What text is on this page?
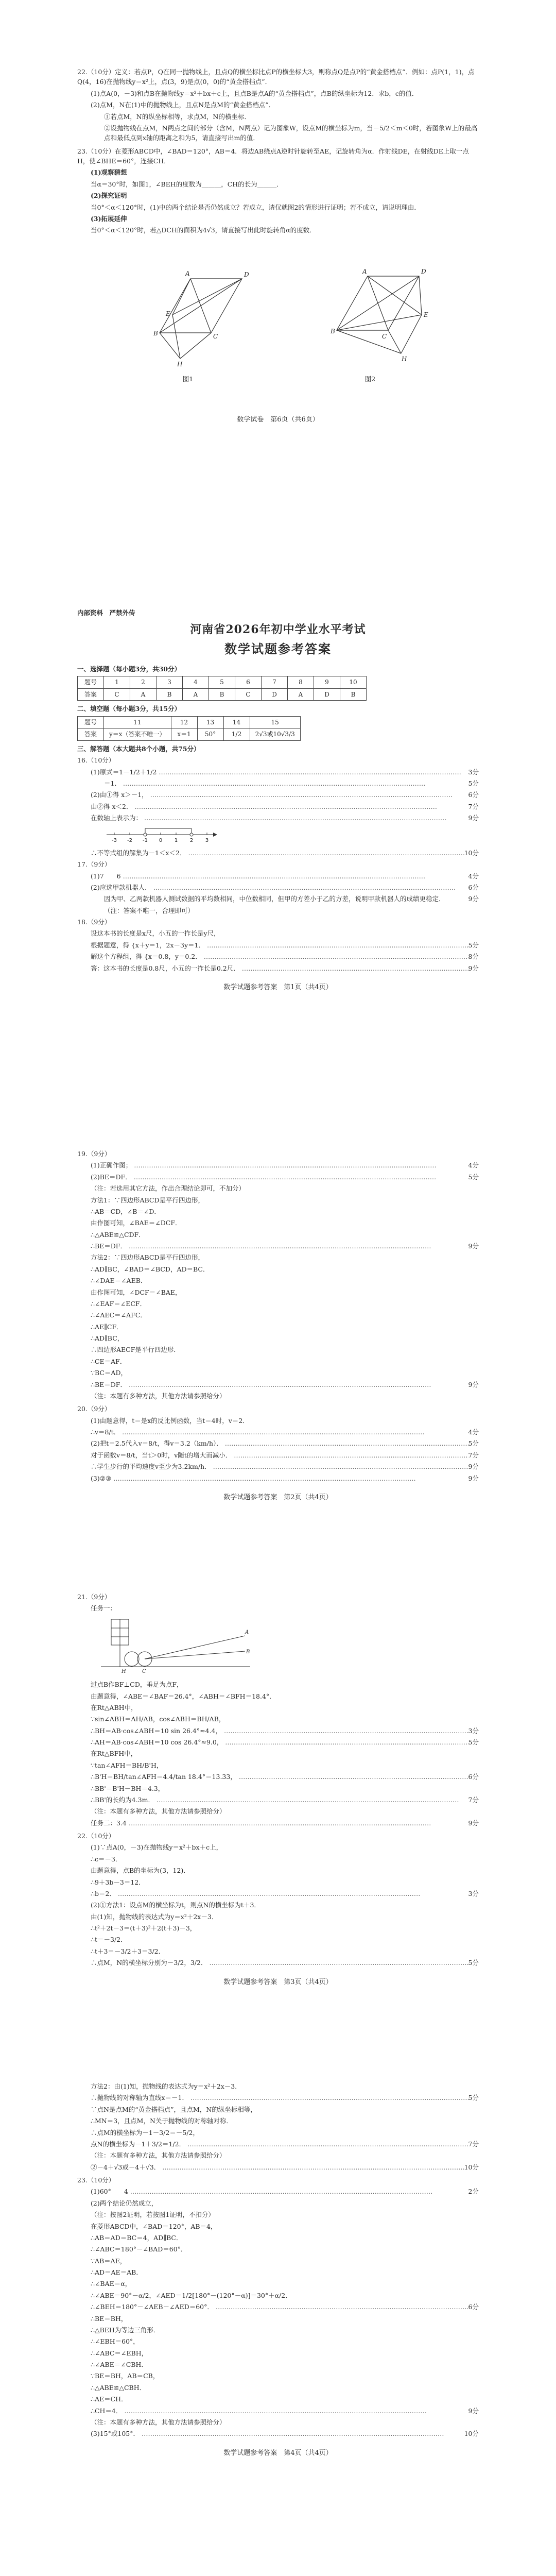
22.（10分）定义：若点P，Q在同一抛物线上，且点Q的横坐标比点P的横坐标大3，则称点Q是点P的“黄金搭档点”．例如：点P(1，1)，点Q(4，16)在抛物线y＝x²上，点(3，9)是点(0，0)的“黄金搭档点”．

(1)点A(0，－3)和点B在抛物线y＝x²＋bx＋c上，且点B是点A的“黄金搭档点”，点B的纵坐标为12．求b，c的值．

(2)点M，N在(1)中的抛物线上，且点N是点M的“黄金搭档点”．

①若点M，N的纵坐标相等，求点M，N的横坐标．

②设抛物线在点M，N两点之间的部分（含M，N两点）记为图象W，设点M的横坐标为m，当－5/2＜m＜0时，若图象W上的最高点和最低点到x轴的距离之和为5，请直接写出m的值．

23.（10分）在菱形ABCD中，∠BAD＝120°，AB＝4．将边AB绕点A逆时针旋转至AE，记旋转角为α．作射线DE，在射线DE上取一点H，使∠BHE＝60°，连接CH．

(1)观察猜想

当α＝30°时，如图1，∠BEH的度数为______，CH的长为______．

(2)探究证明

当0°＜α＜120°时，(1)中的两个结论是否仍然成立？若成立，请仅就图2的情形进行证明；若不成立，请说明理由．

(3)拓展延伸

当0°＜α＜120°时，若△DCH的面积为4√3，请直接写出此时旋转角α的度数．

A	D
B	C
E
H
图1

A	D
B
C
E
H
图2
数学试卷　第6页（共6页）

内部资料　严禁外传

河南省2026年初中学业水平考试
数学试题参考答案

一、选择题（每小题3分，共30分）

题号	1	2	3	4	5	6	7	8	9	10
答案	C	A	B	A	B	C	D	A	D	B

二、填空题（每小题3分，共15分）

题号	11	12	13	14	15
答案	y＝x（答案不唯一）	x＝1	50°	1/2	2√3或10√3/3

三、解答题（本大题共8个小题，共75分）

16.（10分）

3分
(1)原式＝1－1/2＋1/2 ……………………………………………………………………………………………………………………………
5分
＝1． ……………………………………………………………………………………………………………………………
6分
(2)由①得 x＞－1， ……………………………………………………………………………………………………………………………
7分
由②得 x＜2． ……………………………………………………………………………………………………………………………
9分
在数轴上表示为： ……………………………………………………………………………………………………………………………
-3 -2 -1 0 1 2 3
10分
∴不等式组的解集为－1＜x＜2． ……………………………………………………………………………………………………………………………

17.（9分）

4分
(1)7　　6 ……………………………………………………………………………………………………………………………
6分
(2)应选甲款机器人． ……………………………………………………………………………………………………………………………
9分
因为甲、乙两款机器人测试数据的平均数相同，中位数相同，但甲的方差小于乙的方差，说明甲款机器人的成绩更稳定．

（注：答案不唯一，合理即可）

18.（9分）

设这本书的长度是x尺，小五的一拃长是y尺，

5分
根据题意，得 {x＋y＝1，2x－3y＝1． ……………………………………………………………………………………………………………………………
8分
解这个方程组，得 {x＝0.8，y＝0.2． ……………………………………………………………………………………………………………………………
9分
答：这本书的长度是0.8尺，小五的一拃长是0.2尺． ……………………………………………………………………………………………………………………………
数学试题参考答案　第1页（共4页）

19.（9分）

4分
(1)正确作图； ……………………………………………………………………………………………………………………………
5分
(2)BE＝DF． ……………………………………………………………………………………………………………………………
（注：若选用其它方法，作出合理结论即可，不加分）
方法1：∵四边形ABCD是平行四边形，
∴AB＝CD，∠B＝∠D．
由作图可知，∠BAE＝∠DCF．
∴△ABE≌△CDF．
9分
∴BE＝DF． ……………………………………………………………………………………………………………………………
方法2：∵四边形ABCD是平行四边形，
∴AD∥BC，∠BAD＝∠BCD，AD＝BC．
∴∠DAE＝∠AEB．
由作图可知，∠DCF＝∠BAE，
∴∠EAF＝∠ECF．
∴∠AEC＝∠AFC．
∴AE∥CF．
∴AD∥BC，
∴四边形AECF是平行四边形．
∴CE＝AF．
∵BC＝AD，
9分
∴BE＝DF． ……………………………………………………………………………………………………………………………
（注：本题有多种方法，其他方法请参照给分）

20.（9分）

(1)由题意得，t＝是x的反比例函数，当t＝4时，v＝2．
4分
∴v＝8/t． ……………………………………………………………………………………………………………………………
5分
(2)把t＝2.5代入v＝8/t，得v＝3.2（km/h）． ……………………………………………………………………………………………………………………………
7分
对于函数v＝8/t，当t＞0时，v随t的增大而减小． ……………………………………………………………………………………………………………………………
9分
∴学生步行的平均速度v至少为3.2km/h． ……………………………………………………………………………………………………………………………
9分
(3)②③ ……………………………………………………………………………………………………………………………
数学试题参考答案　第2页（共4页）

21.（9分）

任务一：

H	C
A
B
过点B作BF⊥CD，垂足为点F，
由题意得，∠ABE＝∠BAF＝26.4°，∠ABH＝∠BFH＝18.4°．
在Rt△ABH中，
∵sin∠ABH＝AH/AB，cos∠ABH＝BH/AB，
3分
∴BH＝AB·cos∠ABH＝10 sin 26.4°≈4.4， ……………………………………………………………………………………………………………………………
5分
∴AH＝AB·cos∠ABH＝10 cos 26.4°≈9.0， ……………………………………………………………………………………………………………………………
在Rt△BFH中，
∵tan∠AFH＝BH/B'H，
6分
∴B'H＝BH/tan∠AFH＝4.4/tan 18.4°＝13.33， ……………………………………………………………………………………………………………………………
∴BB'＝B'H－BH＝4.3，
7分
∴BB'的长约为4.3m． ……………………………………………………………………………………………………………………………
（注：本题有多种方法，其他方法请参照给分）
9分
任务二：3.4 ……………………………………………………………………………………………………………………………

22.（10分）

(1)∵点A(0，－3)在抛物线y＝x²＋bx＋c上，
∴c＝－3．
由题意得，点B的坐标为(3，12)．
∴9＋3b－3＝12．
3分
∴b＝2． ……………………………………………………………………………………………………………………………
(2)①方法1：设点M的横坐标为t，则点N的横坐标为t＋3．
由(1)知，抛物线的表达式为y＝x²＋2x－3．
∴t²＋2t－3＝(t＋3)²＋2(t＋3)－3，
∴t＝－3/2．
∴t＋3＝－3/2＋3＝3/2．
5分
∴点M，N的横坐标分别为－3/2，3/2． ……………………………………………………………………………………………………………………………
数学试题参考答案　第3页（共4页）
方法2：由(1)知，抛物线的表达式为y＝x²＋2x－3．
5分
∴抛物线的对称轴为直线x＝－1． ……………………………………………………………………………………………………………………………
∵点N是点M的“黄金搭档点”，且点M，N的纵坐标相等，
∴MN＝3，且点M，N关于抛物线的对称轴对称．
∴点M的横坐标为－1－3/2＝－5/2，
7分
点N的横坐标为－1＋3/2＝1/2． ……………………………………………………………………………………………………………………………
（注：本题有多种方法，其他方法请参照给分）
10分
②－4＋√3或－4＋√3． ……………………………………………………………………………………………………………………………

23.（10分）

2分
(1)60°　　4 ……………………………………………………………………………………………………………………………
(2)两个结论仍然成立，
（注：按图2证明，若按图1证明，不扣分）
在菱形ABCD中，∠BAD＝120°，AB＝4，
∴AB＝AD＝BC＝4，AD∥BC．
∴∠ABC＝180°－∠BAD＝60°．
∵AB＝AE，
∴AD＝AE＝AB．
∴∠BAE＝α，
∴∠ABE＝90°－α/2，∠AED＝1/2[180°－(120°－α)]＝30°＋α/2．
6分
∴∠BEH＝180°－∠AEB－∠AED＝60°． ……………………………………………………………………………………………………………………………
∴BE＝BH，
∴△BEH为等边三角形．
∴∠EBH＝60°，
∴∠ABC＝∠EBH，
∴∠ABE＝∠CBH．
∵BE＝BH，AB＝CB，
∴△ABE≌△CBH．
∴AE＝CH．
9分
∴CH＝4． ……………………………………………………………………………………………………………………………
（注：本题有多种方法，其他方法请参照给分）
10分
(3)15°或105°． ……………………………………………………………………………………………………………………………
数学试题参考答案　第4页（共4页）
